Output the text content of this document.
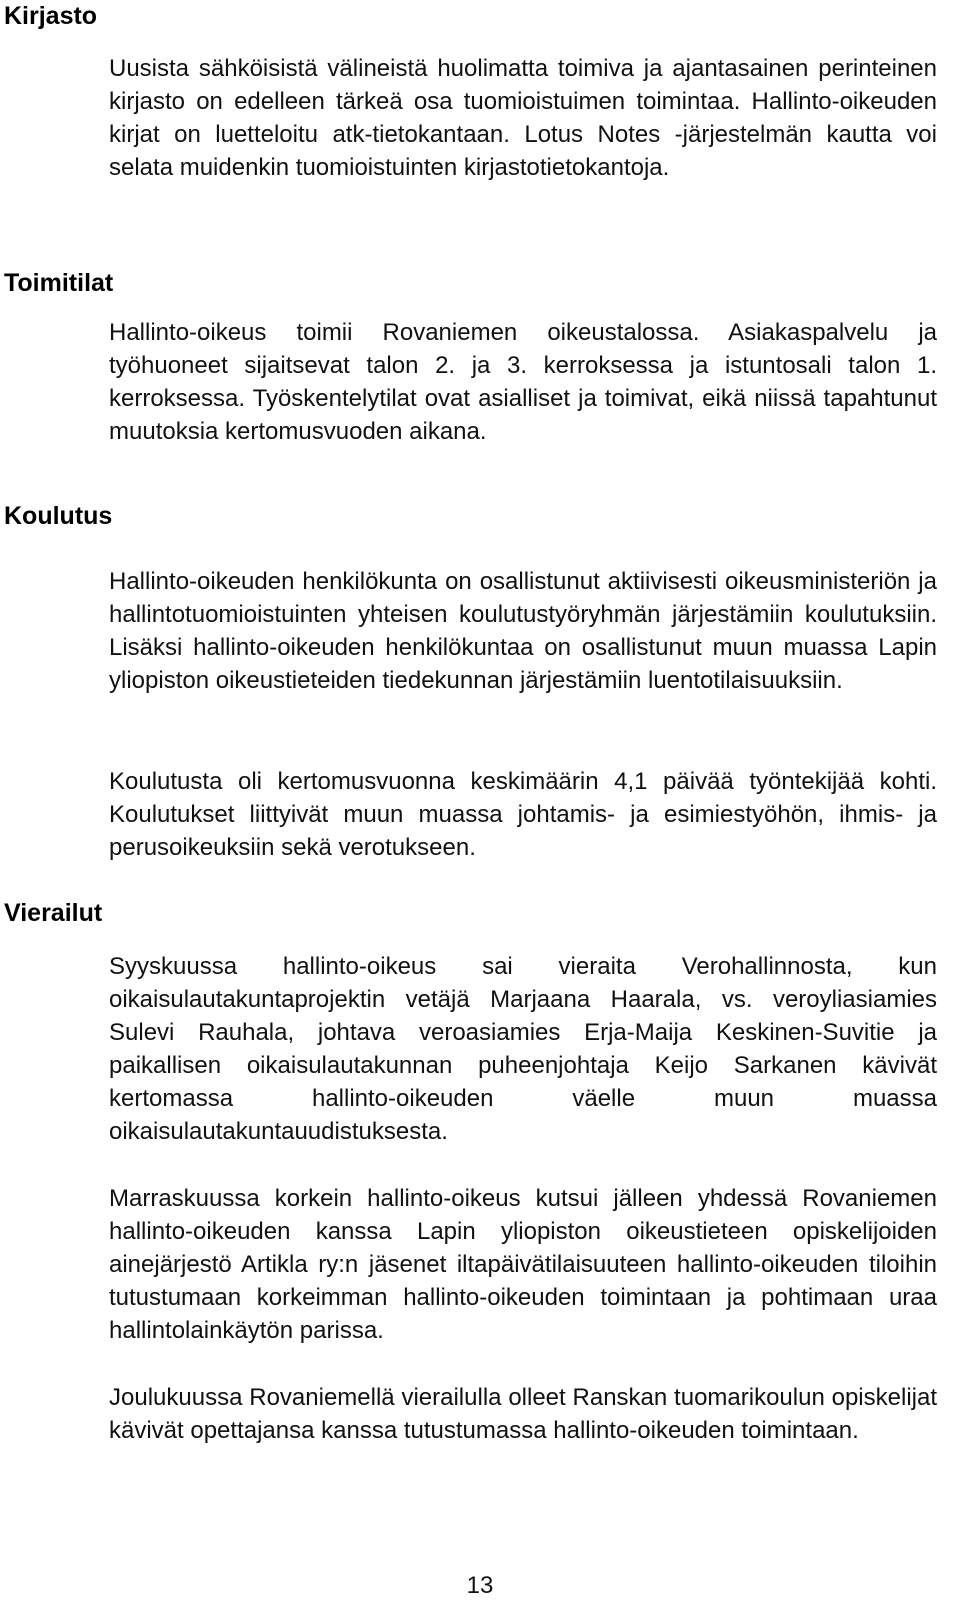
Kirjasto

Uusista sähköisistä välineistä huolimatta toimiva ja ajantasainen perinteinen kirjasto on edelleen tärkeä osa tuomioistuimen toimintaa. Hallinto-oikeuden kirjat on luetteloitu atk-tietokantaan. Lotus Notes -järjestelmän kautta voi selata muidenkin tuomioistuinten kirjastotietokantoja.

Toimitilat

Hallinto-oikeus toimii Rovaniemen oikeustalossa. Asiakaspalvelu ja työhuoneet sijaitsevat talon 2. ja 3. kerroksessa ja istuntosali talon 1. kerroksessa. Työskentelytilat ovat asialliset ja toimivat, eikä niissä tapahtunut muutoksia kertomusvuoden aikana.

Koulutus

Hallinto-oikeuden henkilökunta on osallistunut aktiivisesti oikeusministeriön ja hallintotuomioistuinten yhteisen koulutustyöryhmän järjestämiin koulutuksiin. Lisäksi hallinto-oikeuden henkilökuntaa on osallistunut muun muassa Lapin yliopiston oikeustieteiden tiedekunnan järjestämiin luentotilaisuuksiin.

Koulutusta oli kertomusvuonna keskimäärin 4,1 päivää työntekijää kohti. Koulutukset liittyivät muun muassa johtamis- ja esimiestyöhön, ihmis- ja perusoikeuksiin sekä verotukseen.

Vierailut

Syyskuussa hallinto-oikeus sai vieraita Verohallinnosta, kun oikaisulautakuntaprojektin vetäjä Marjaana Haarala, vs. veroyliasiamies Sulevi Rauhala, johtava veroasiamies Erja-Maija Keskinen-Suvitie ja paikallisen oikaisulautakunnan puheenjohtaja Keijo Sarkanen kävivät kertomassa hallinto-oikeuden väelle muun muassa oikaisulautakuntauudistuksesta.

Marraskuussa korkein hallinto-oikeus kutsui jälleen yhdessä Rovaniemen hallinto-oikeuden kanssa Lapin yliopiston oikeustieteen opiskelijoiden ainejärjestö Artikla ry:n jäsenet iltapäivätilaisuuteen hallinto-oikeuden tiloihin tutustumaan korkeimman hallinto-oikeuden toimintaan ja pohtimaan uraa hallintolainkäytön parissa.

Joulukuussa Rovaniemellä vierailulla olleet Ranskan tuomarikoulun opiskelijat kävivät opettajansa kanssa tutustumassa hallinto-oikeuden toimintaan.

13
